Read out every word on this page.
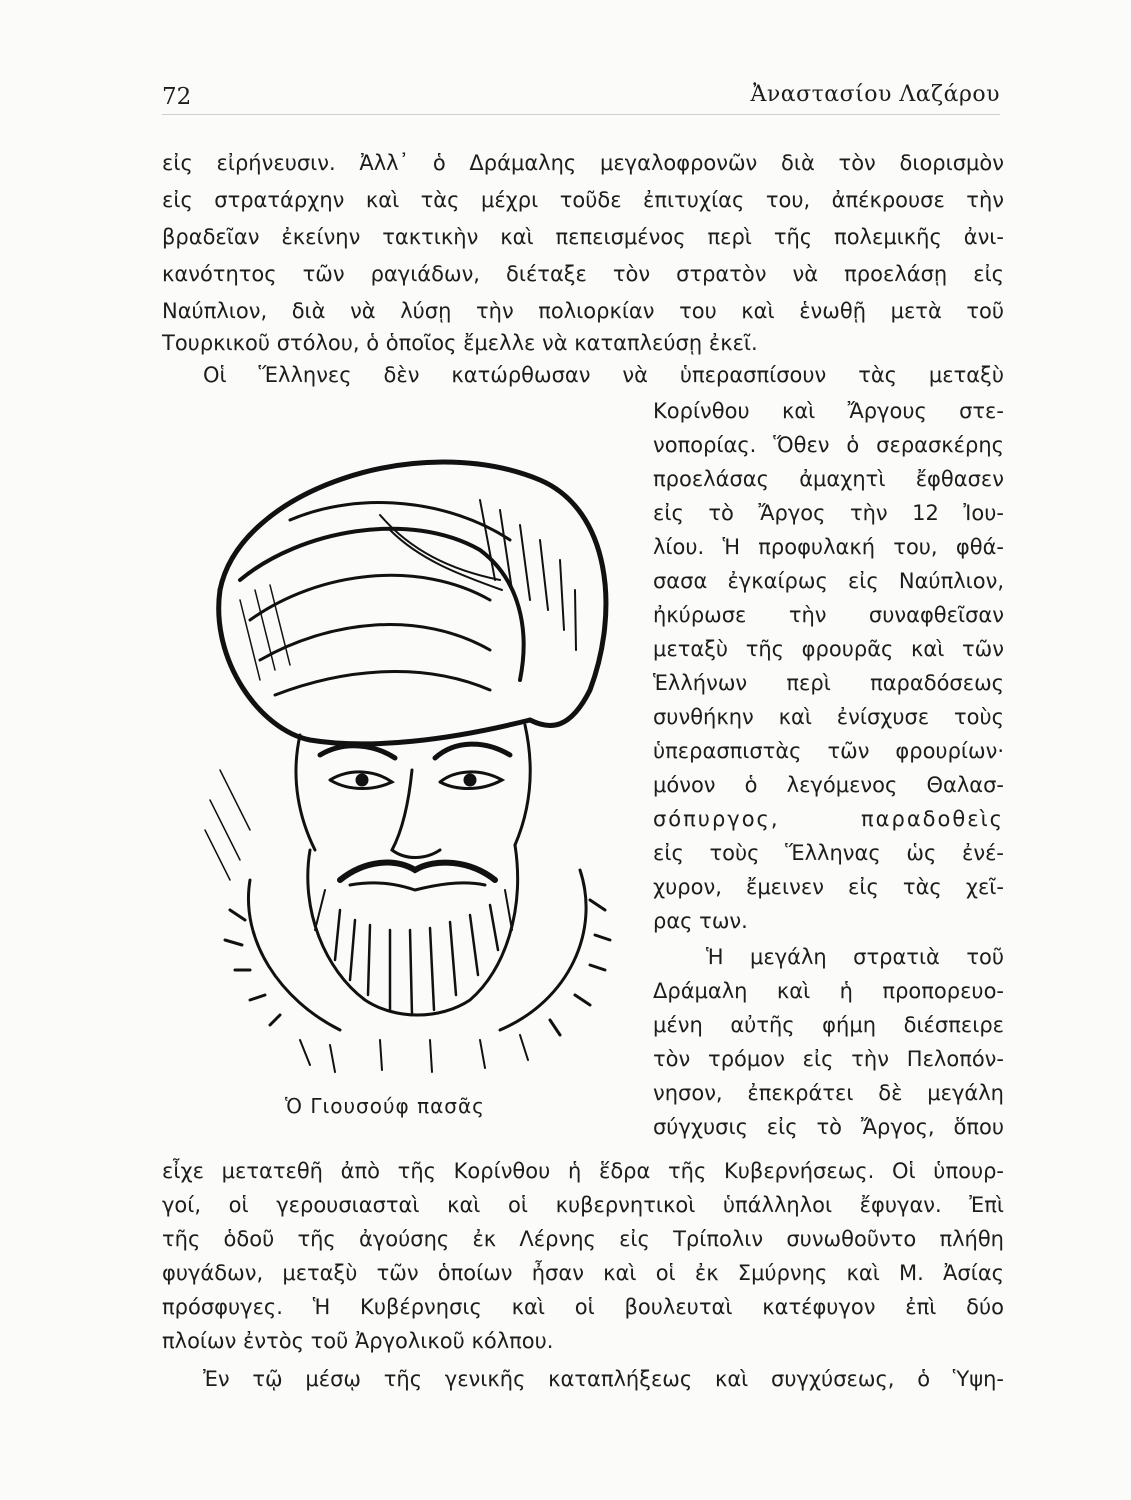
72	Ἀναστασίου Λαζάρου
εἰς εἰρήνευσιν. Ἀλλ᾽ ὁ Δράμαλης μεγαλοφρονῶν διὰ τὸν διορισμὸν
εἰς στρατάρχην καὶ τὰς μέχρι τοῦδε ἐπιτυχίας του, ἀπέκρουσε τὴν
βραδεῖαν ἐκείνην τακτικὴν καὶ πεπεισμένος περὶ τῆς πολεμικῆς ἀνι-
κανότητος τῶν ραγιάδων, διέταξε τὸν στρατὸν νὰ προελάσῃ εἰς
Ναύπλιον, διὰ νὰ λύσῃ τὴν πολιορκίαν του καὶ ἑνωθῇ μετὰ τοῦ
Τουρκικοῦ στόλου, ὁ ὁποῖος ἔμελλε νὰ καταπλεύσῃ ἐκεῖ.
Οἱ Ἕλληνες δὲν κατώρθωσαν νὰ ὑπερασπίσουν τὰς μεταξὺ
Κορίνθου καὶ Ἄργους στε-
νοπορίας. Ὅθεν ὁ σερασκέρης
προελάσας ἀμαχητὶ ἔφθασεν
εἰς τὸ Ἄργος τὴν 12 Ἰου-
λίου. Ἡ προφυλακή του, φθά-
σασα ἐγκαίρως εἰς Ναύπλιον,
ἠκύρωσε τὴν συναφθεῖσαν
μεταξὺ τῆς φρουρᾶς καὶ τῶν
Ἑλλήνων περὶ παραδόσεως
συνθήκην καὶ ἐνίσχυσε τοὺς
ὑπερασπιστὰς τῶν φρουρίων·
μόνον ὁ λεγόμενος Θαλασ-
σόπυργος, παραδοθεὶς
εἰς τοὺς Ἕλληνας ὡς ἐνέ-
χυρον, ἔμεινεν εἰς τὰς χεῖ-
ρας των.
Ἡ μεγάλη στρατιὰ τοῦ
Δράμαλη καὶ ἡ προπορευο-
μένη αὐτῆς φήμη διέσπειρε
τὸν τρόμον εἰς τὴν Πελοπόν-
νησον, ἐπεκράτει δὲ μεγάλη
σύγχυσις εἰς τὸ Ἄργος, ὅπου
Ὁ Γιουσούφ πασᾶς
εἶχε μετατεθῆ ἀπὸ τῆς Κορίνθου ἡ ἕδρα τῆς Κυβερνήσεως. Οἱ ὑπουρ-
γοί, οἱ γερουσιασταὶ καὶ οἱ κυβερνητικοὶ ὑπάλληλοι ἔφυγαν. Ἐπὶ
τῆς ὁδοῦ τῆς ἀγούσης ἐκ Λέρνης εἰς Τρίπολιν συνωθοῦντο πλήθη
φυγάδων, μεταξὺ τῶν ὁποίων ἦσαν καὶ οἱ ἐκ Σμύρνης καὶ Μ. Ἀσίας
πρόσφυγες. Ἡ Κυβέρνησις καὶ οἱ βουλευταὶ κατέφυγον ἐπὶ δύο
πλοίων ἐντὸς τοῦ Ἀργολικοῦ κόλπου.
Ἐν τῷ μέσῳ τῆς γενικῆς καταπλήξεως καὶ συγχύσεως, ὁ Ὑψη-
